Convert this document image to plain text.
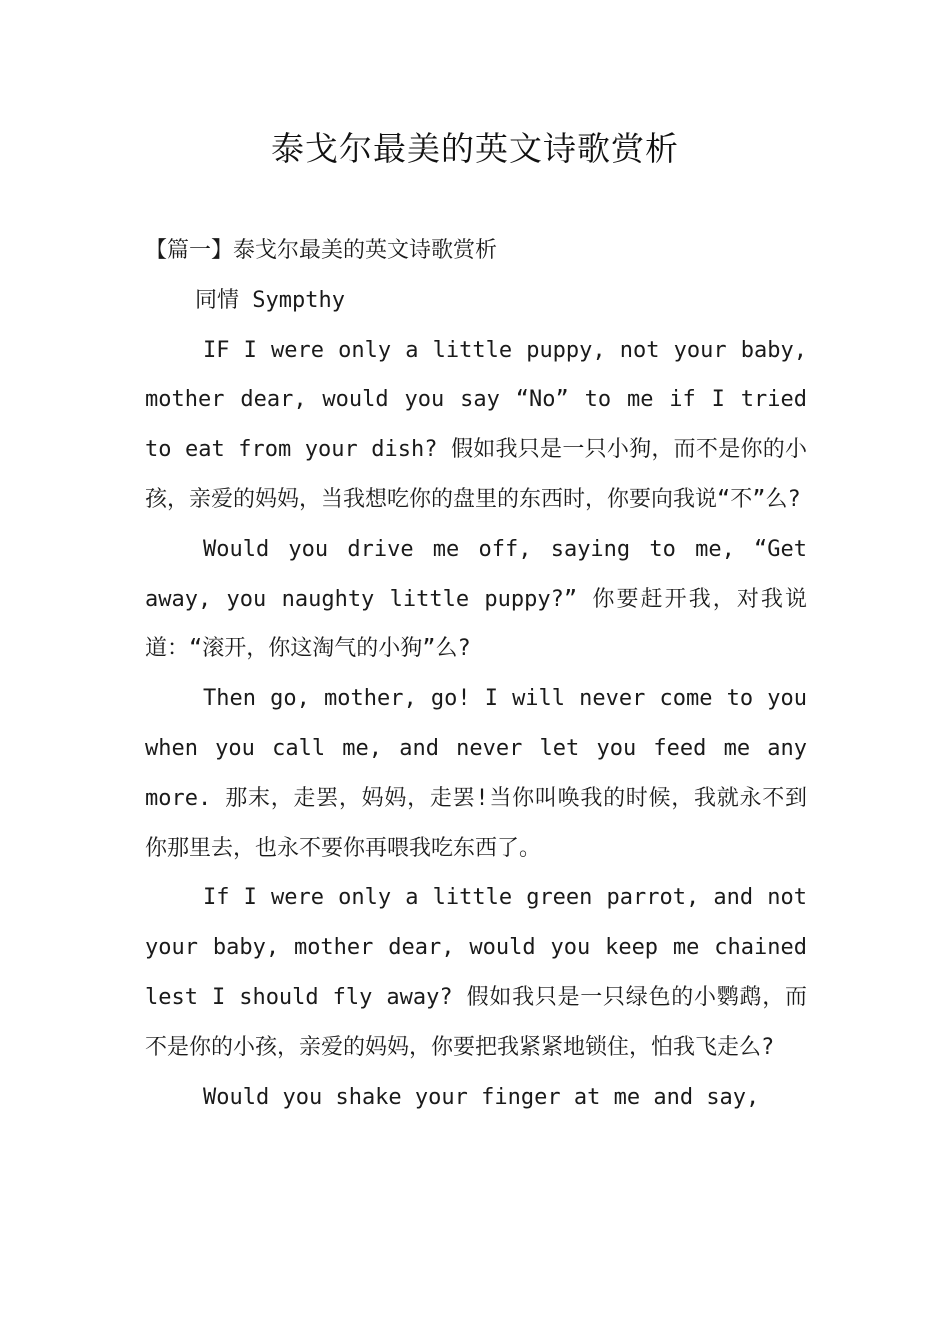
泰戈尔最美的英文诗歌赏析

【篇一】泰戈尔最美的英文诗歌赏析

同情 Sympthy

IF I were only a little puppy, not your baby, mother dear, would you say “No” to me if I tried to eat from your dish? 假如我只是一只小狗，而不是你的小孩，亲爱的妈妈，当我想吃你的盘里的东西时，你要向我说“不”么?

Would you drive me off, saying to me, “Get away, you naughty little puppy?” 你要赶开我，对我说道：“滚开，你这淘气的小狗”么?

Then go, mother, go! I will never come to you when you call me, and never let you feed me any more. 那末，走罢，妈妈，走罢!当你叫唤我的时候，我就永不到你那里去，也永不要你再喂我吃东西了。

If I were only a little green parrot, and not your baby, mother dear, would you keep me chained lest I should fly away? 假如我只是一只绿色的小鹦鹉，而不是你的小孩，亲爱的妈妈，你要把我紧紧地锁住，怕我飞走么?

Would you shake your finger at me and say,
